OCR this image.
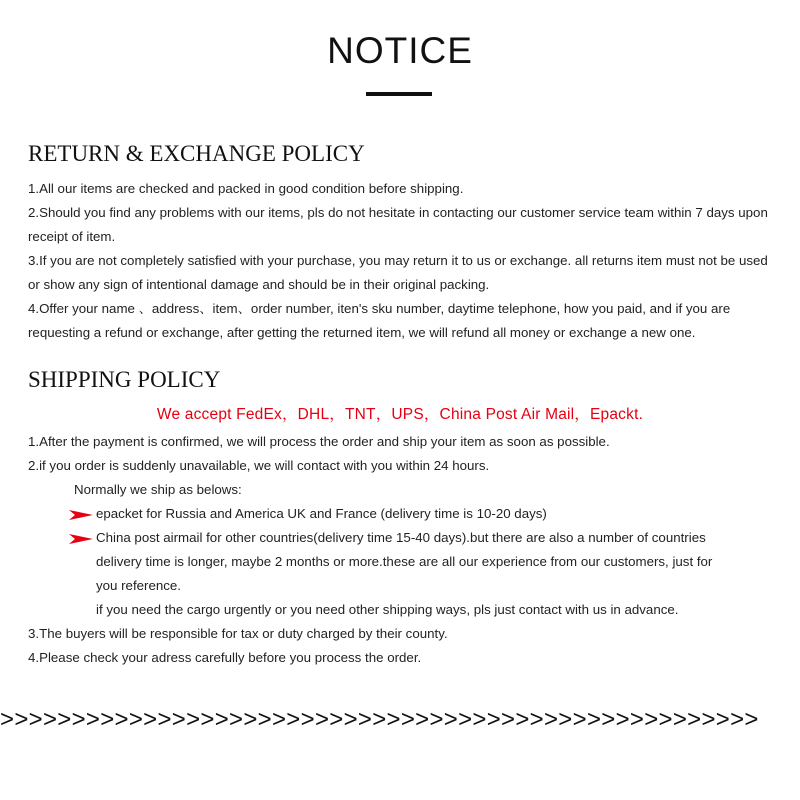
NOTICE
RETURN & EXCHANGE POLICY

1.All our items are checked and packed in good condition before shipping.

2.Should you find any problems with our items, pls do not hesitate in contacting our customer service team within 7 days upon receipt of item.

3.If you are not completely satisfied with your purchase, you may return it to us or exchange. all returns item must not be used or show any sign of intentional damage and should be in their original packing.

4.Offer your name 、address、item、order number, iten's sku number, daytime telephone, how you paid, and if you are requesting a refund or exchange, after getting the returned item, we will refund all money or exchange a new one.

SHIPPING POLICY
We accept FedEx，DHL，TNT，UPS，China Post Air Mail，Epackt.
1.After the payment is confirmed, we will process the order and ship your item as soon as possible.
2.if you order is suddenly unavailable, we will contact with you within 24 hours.
Normally we ship as belows:
epacket for Russia and America UK and France (delivery time is 10-20 days)
China post airmail for other countries(delivery time 15-40 days).but there are also a number of countries
delivery time is longer, maybe 2 months or more.these are all our experience from our customers, just for
you reference.
if you need the cargo urgently or you need other shipping ways, pls just contact with us in advance.
3.The buyers will be responsible for tax or duty charged by their county.
4.Please check your adress carefully before you process the order.
>>>>>>>>>>>>>>>>>>>>>>>>>>>>>>>>>>>>>>>>>>>>>>>>>>>>>
